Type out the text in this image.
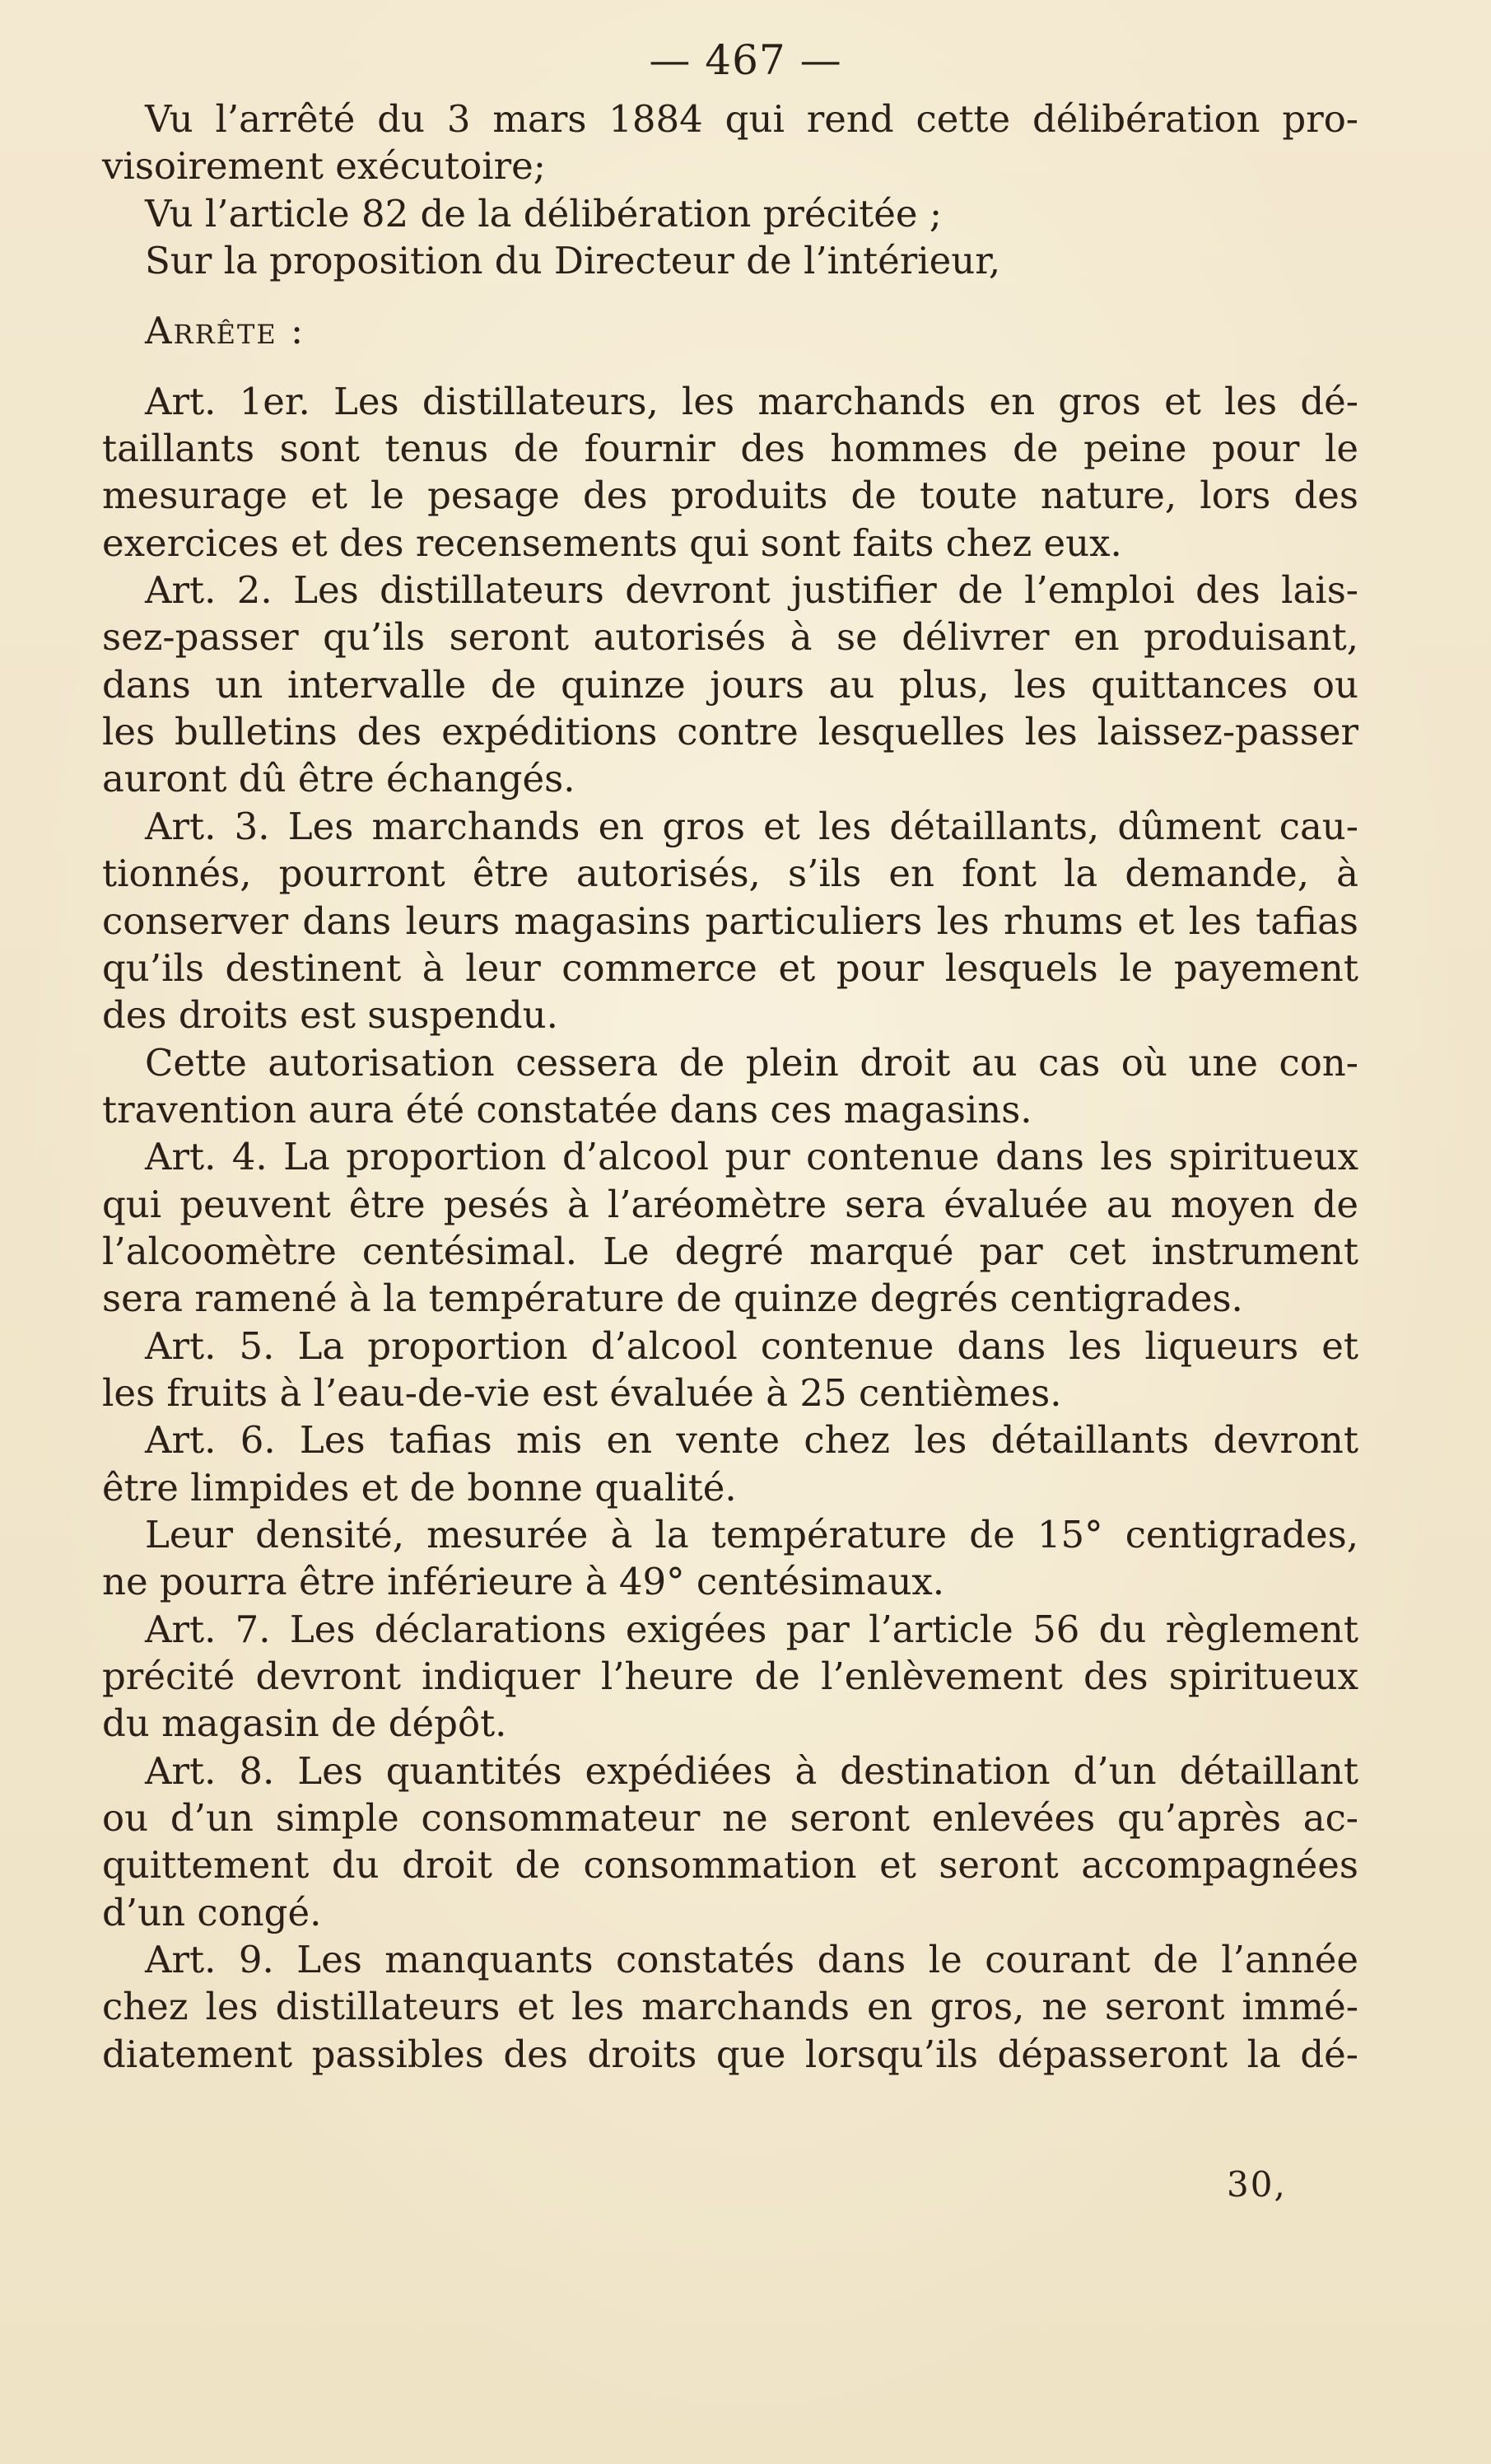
— 467 —
Vu l’arrêté du 3 mars 1884 qui rend cette délibération pro-
visoirement exécutoire;
Vu l’article 82 de la délibération précitée ;
Sur la proposition du Directeur de l’intérieur,
Arrête :
Art. 1er. Les distillateurs, les marchands en gros et les dé-
taillants sont tenus de fournir des hommes de peine pour le
mesurage et le pesage des produits de toute nature, lors des
exercices et des recensements qui sont faits chez eux.
Art. 2. Les distillateurs devront justifier de l’emploi des lais-
sez-passer qu’ils seront autorisés à se délivrer en produisant,
dans un intervalle de quinze jours au plus, les quittances ou
les bulletins des expéditions contre lesquelles les laissez-passer
auront dû être échangés.
Art. 3. Les marchands en gros et les détaillants, dûment cau-
tionnés, pourront être autorisés, s’ils en font la demande, à
conserver dans leurs magasins particuliers les rhums et les tafias
qu’ils destinent à leur commerce et pour lesquels le payement
des droits est suspendu.
Cette autorisation cessera de plein droit au cas où une con-
travention aura été constatée dans ces magasins.
Art. 4. La proportion d’alcool pur contenue dans les spiritueux
qui peuvent être pesés à l’aréomètre sera évaluée au moyen de
l’alcoomètre centésimal. Le degré marqué par cet instrument
sera ramené à la température de quinze degrés centigrades.
Art. 5. La proportion d’alcool contenue dans les liqueurs et
les fruits à l’eau-de-vie est évaluée à 25 centièmes.
Art. 6. Les tafias mis en vente chez les détaillants devront
être limpides et de bonne qualité.
Leur densité, mesurée à la température de 15° centigrades,
ne pourra être inférieure à 49° centésimaux.
Art. 7. Les déclarations exigées par l’article 56 du règlement
précité devront indiquer l’heure de l’enlèvement des spiritueux
du magasin de dépôt.
Art. 8. Les quantités expédiées à destination d’un détaillant
ou d’un simple consommateur ne seront enlevées qu’après ac-
quittement du droit de consommation et seront accompagnées
d’un congé.
Art. 9. Les manquants constatés dans le courant de l’année
chez les distillateurs et les marchands en gros, ne seront immé-
diatement passibles des droits que lorsqu’ils dépasseront la dé-
30,
